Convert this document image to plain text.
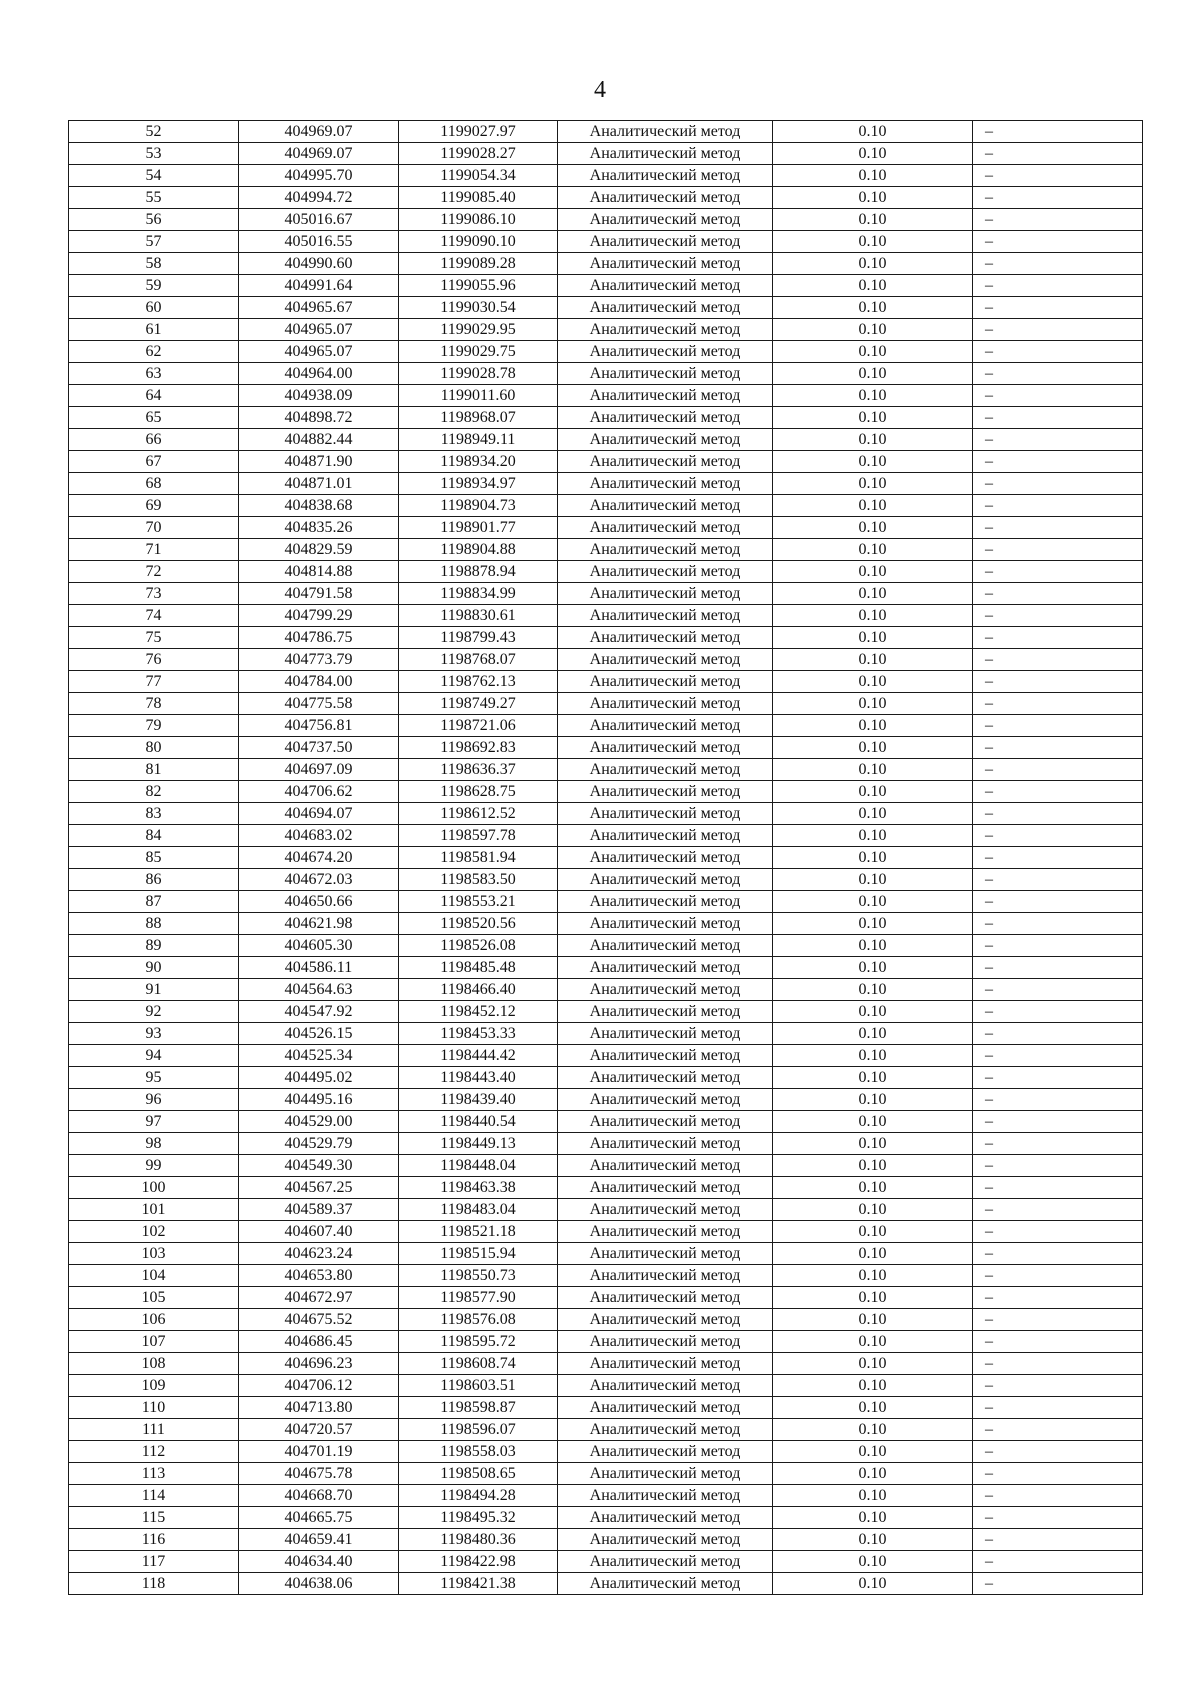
4
52	404969.07	1199027.97	Аналитический метод	0.10	–
53	404969.07	1199028.27	Аналитический метод	0.10	–
54	404995.70	1199054.34	Аналитический метод	0.10	–
55	404994.72	1199085.40	Аналитический метод	0.10	–
56	405016.67	1199086.10	Аналитический метод	0.10	–
57	405016.55	1199090.10	Аналитический метод	0.10	–
58	404990.60	1199089.28	Аналитический метод	0.10	–
59	404991.64	1199055.96	Аналитический метод	0.10	–
60	404965.67	1199030.54	Аналитический метод	0.10	–
61	404965.07	1199029.95	Аналитический метод	0.10	–
62	404965.07	1199029.75	Аналитический метод	0.10	–
63	404964.00	1199028.78	Аналитический метод	0.10	–
64	404938.09	1199011.60	Аналитический метод	0.10	–
65	404898.72	1198968.07	Аналитический метод	0.10	–
66	404882.44	1198949.11	Аналитический метод	0.10	–
67	404871.90	1198934.20	Аналитический метод	0.10	–
68	404871.01	1198934.97	Аналитический метод	0.10	–
69	404838.68	1198904.73	Аналитический метод	0.10	–
70	404835.26	1198901.77	Аналитический метод	0.10	–
71	404829.59	1198904.88	Аналитический метод	0.10	–
72	404814.88	1198878.94	Аналитический метод	0.10	–
73	404791.58	1198834.99	Аналитический метод	0.10	–
74	404799.29	1198830.61	Аналитический метод	0.10	–
75	404786.75	1198799.43	Аналитический метод	0.10	–
76	404773.79	1198768.07	Аналитический метод	0.10	–
77	404784.00	1198762.13	Аналитический метод	0.10	–
78	404775.58	1198749.27	Аналитический метод	0.10	–
79	404756.81	1198721.06	Аналитический метод	0.10	–
80	404737.50	1198692.83	Аналитический метод	0.10	–
81	404697.09	1198636.37	Аналитический метод	0.10	–
82	404706.62	1198628.75	Аналитический метод	0.10	–
83	404694.07	1198612.52	Аналитический метод	0.10	–
84	404683.02	1198597.78	Аналитический метод	0.10	–
85	404674.20	1198581.94	Аналитический метод	0.10	–
86	404672.03	1198583.50	Аналитический метод	0.10	–
87	404650.66	1198553.21	Аналитический метод	0.10	–
88	404621.98	1198520.56	Аналитический метод	0.10	–
89	404605.30	1198526.08	Аналитический метод	0.10	–
90	404586.11	1198485.48	Аналитический метод	0.10	–
91	404564.63	1198466.40	Аналитический метод	0.10	–
92	404547.92	1198452.12	Аналитический метод	0.10	–
93	404526.15	1198453.33	Аналитический метод	0.10	–
94	404525.34	1198444.42	Аналитический метод	0.10	–
95	404495.02	1198443.40	Аналитический метод	0.10	–
96	404495.16	1198439.40	Аналитический метод	0.10	–
97	404529.00	1198440.54	Аналитический метод	0.10	–
98	404529.79	1198449.13	Аналитический метод	0.10	–
99	404549.30	1198448.04	Аналитический метод	0.10	–
100	404567.25	1198463.38	Аналитический метод	0.10	–
101	404589.37	1198483.04	Аналитический метод	0.10	–
102	404607.40	1198521.18	Аналитический метод	0.10	–
103	404623.24	1198515.94	Аналитический метод	0.10	–
104	404653.80	1198550.73	Аналитический метод	0.10	–
105	404672.97	1198577.90	Аналитический метод	0.10	–
106	404675.52	1198576.08	Аналитический метод	0.10	–
107	404686.45	1198595.72	Аналитический метод	0.10	–
108	404696.23	1198608.74	Аналитический метод	0.10	–
109	404706.12	1198603.51	Аналитический метод	0.10	–
110	404713.80	1198598.87	Аналитический метод	0.10	–
111	404720.57	1198596.07	Аналитический метод	0.10	–
112	404701.19	1198558.03	Аналитический метод	0.10	–
113	404675.78	1198508.65	Аналитический метод	0.10	–
114	404668.70	1198494.28	Аналитический метод	0.10	–
115	404665.75	1198495.32	Аналитический метод	0.10	–
116	404659.41	1198480.36	Аналитический метод	0.10	–
117	404634.40	1198422.98	Аналитический метод	0.10	–
118	404638.06	1198421.38	Аналитический метод	0.10	–
